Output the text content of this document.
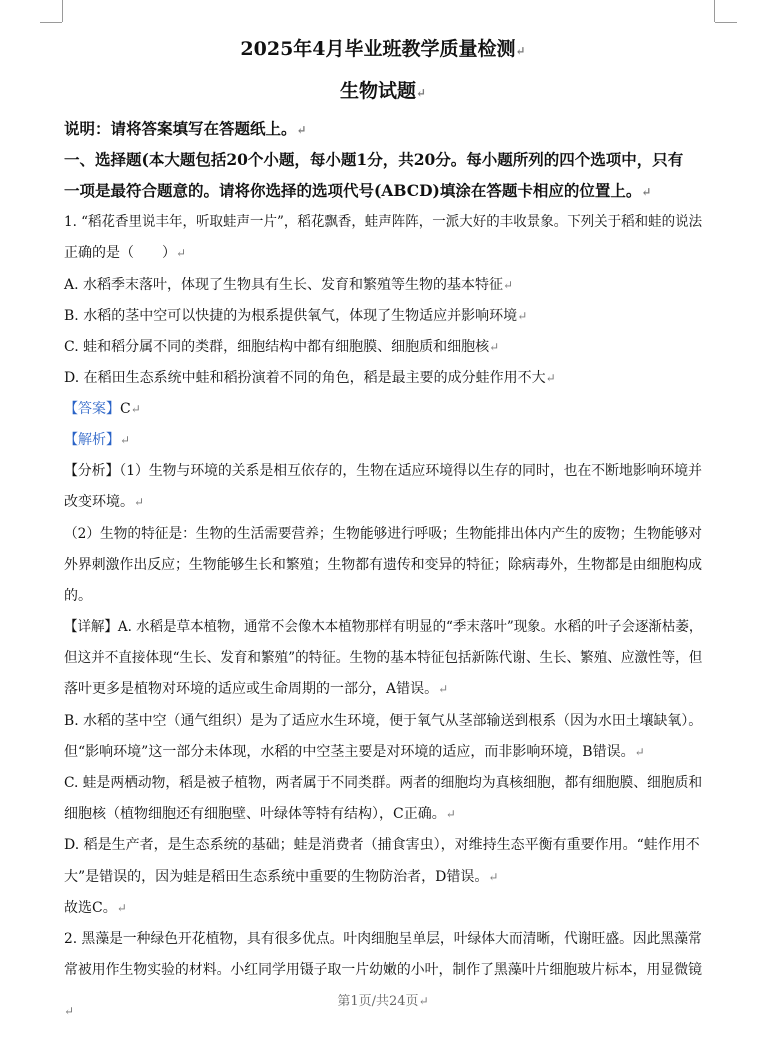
2025年4月毕业班教学质量检测↵
生物试题↵
说明：请将答案填写在答题纸上。↵
一、选择题(本大题包括20个小题，每小题1分，共20分。每小题所列的四个选项中，只有
一项是最符合题意的。请将你选择的选项代号(ABCD)填涂在答题卡相应的位置上。↵
1. “稻花香里说丰年，听取蛙声一片”，稻花飘香，蛙声阵阵，一派大好的丰收景象。下列关于稻和蛙的说法
正确的是（　　）↵
A. 水稻季末落叶，体现了生物具有生长、发育和繁殖等生物的基本特征↵
B. 水稻的茎中空可以快捷的为根系提供氧气，体现了生物适应并影响环境↵
C. 蛙和稻分属不同的类群，细胞结构中都有细胞膜、细胞质和细胞核↵
D. 在稻田生态系统中蛙和稻扮演着不同的角色，稻是最主要的成分蛙作用不大↵
【答案】C↵
【解析】↵
【分析】（1）生物与环境的关系是相互依存的，生物在适应环境得以生存的同时，也在不断地影响环境并
改变环境。↵
（2）生物的特征是：生物的生活需要营养；生物能够进行呼吸；生物能排出体内产生的废物；生物能够对
外界刺激作出反应；生物能够生长和繁殖；生物都有遗传和变异的特征；除病毒外，生物都是由细胞构成
的。
【详解】A. 水稻是草本植物，通常不会像木本植物那样有明显的“季末落叶”现象。水稻的叶子会逐渐枯萎，
但这并不直接体现“生长、发育和繁殖”的特征。生物的基本特征包括新陈代谢、生长、繁殖、应激性等，但
落叶更多是植物对环境的适应或生命周期的一部分，A错误。↵
B. 水稻的茎中空（通气组织）是为了适应水生环境，便于氧气从茎部输送到根系（因为水田土壤缺氧）。
但“影响环境”这一部分未体现，水稻的中空茎主要是对环境的适应，而非影响环境，B错误。↵
C. 蛙是两栖动物，稻是被子植物，两者属于不同类群。两者的细胞均为真核细胞，都有细胞膜、细胞质和
细胞核（植物细胞还有细胞壁、叶绿体等特有结构），C正确。↵
D. 稻是生产者，是生态系统的基础；蛙是消费者（捕食害虫），对维持生态平衡有重要作用。“蛙作用不
大”是错误的，因为蛙是稻田生态系统中重要的生物防治者，D错误。↵
故选C。↵
2. 黑藻是一种绿色开花植物，具有很多优点。叶肉细胞呈单层，叶绿体大而清晰，代谢旺盛。因此黑藻常
常被用作生物实验的材料。小红同学用镊子取一片幼嫩的小叶，制作了黑藻叶片细胞玻片标本，用显微镜
第1页/共24页↵
↵
